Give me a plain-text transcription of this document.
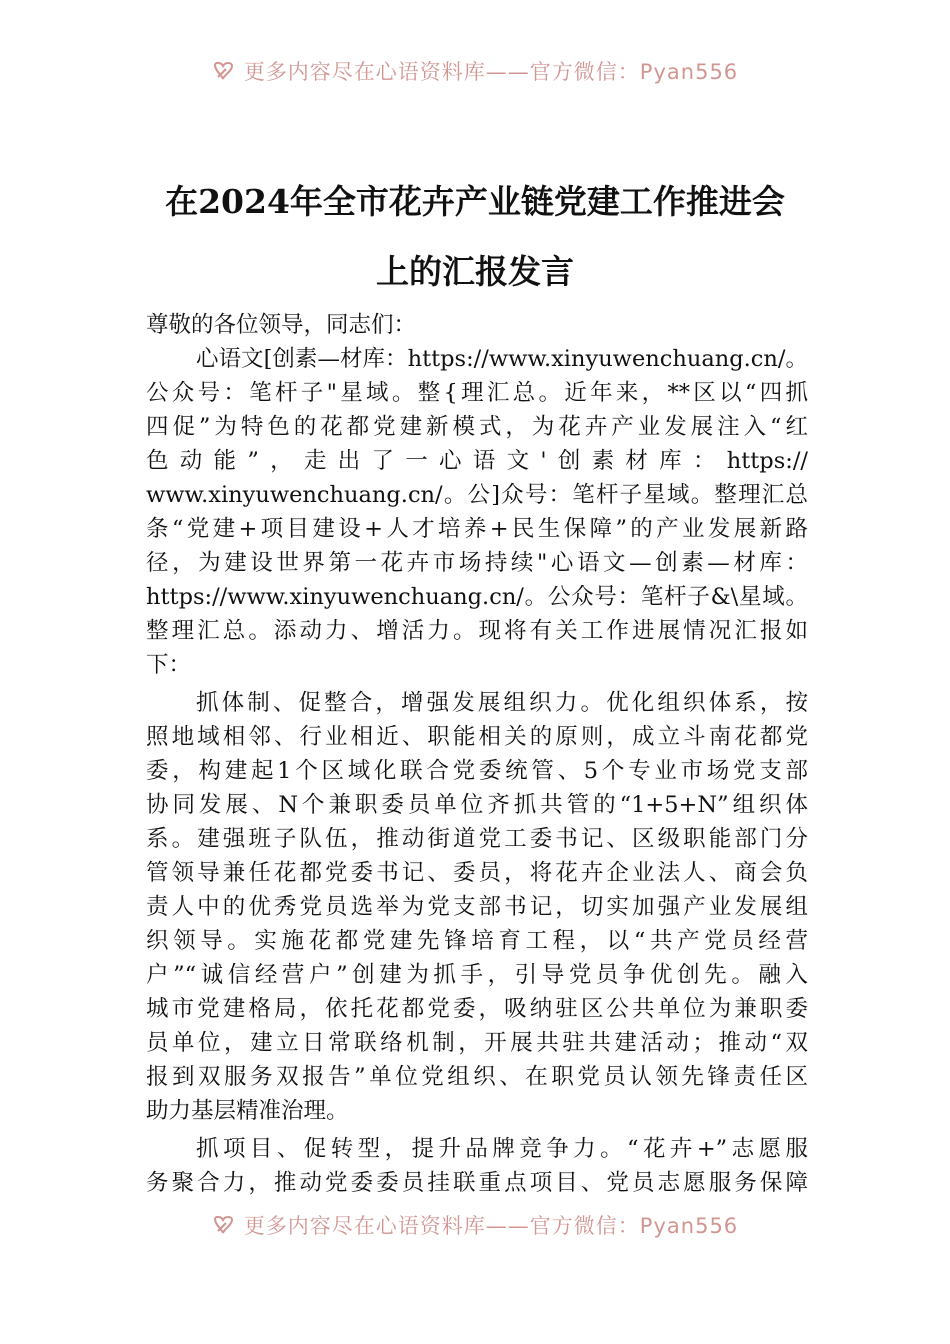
更多内容尽在心语资料库——官方微信：Pyan556
在2024年全市花卉产业链党建工作推进会
上的汇报发言
尊敬的各位领导，同志们：
心语文[创素—材库：https://www.xinyuwenchuang.cn/。
公众号：笔杆子"星域。整{理汇总。近年来，**区以“四抓
四促”为特色的花都党建新模式，为花卉产业发展注入“红
色动能”，走出了一心语文'创素材库：https://
www.xinyuwenchuang.cn/。公]众号：笔杆子星域。整理汇总
条“党建+项目建设+人才培养+民生保障”的产业发展新路
径，为建设世界第一花卉市场持续"心语文—创素—材库：
https://www.xinyuwenchuang.cn/。公众号：笔杆子&\星域。
整理汇总。添动力、增活力。现将有关工作进展情况汇报如
下：
抓体制、促整合，增强发展组织力。优化组织体系，按
照地域相邻、行业相近、职能相关的原则，成立斗南花都党
委，构建起1个区域化联合党委统管、5个专业市场党支部
协同发展、N个兼职委员单位齐抓共管的“1+5+N”组织体
系。建强班子队伍，推动街道党工委书记、区级职能部门分
管领导兼任花都党委书记、委员，将花卉企业法人、商会负
责人中的优秀党员选举为党支部书记，切实加强产业发展组
织领导。实施花都党建先锋培育工程，以“共产党员经营
户”“诚信经营户”创建为抓手，引导党员争优创先。融入
城市党建格局，依托花都党委，吸纳驻区公共单位为兼职委
员单位，建立日常联络机制，开展共驻共建活动；推动“双
报到双服务双报告”单位党组织、在职党员认领先锋责任区
助力基层精准治理。
抓项目、促转型，提升品牌竞争力。“花卉+”志愿服
务聚合力，推动党委委员挂联重点项目、党员志愿服务保障
更多内容尽在心语资料库——官方微信：Pyan556
